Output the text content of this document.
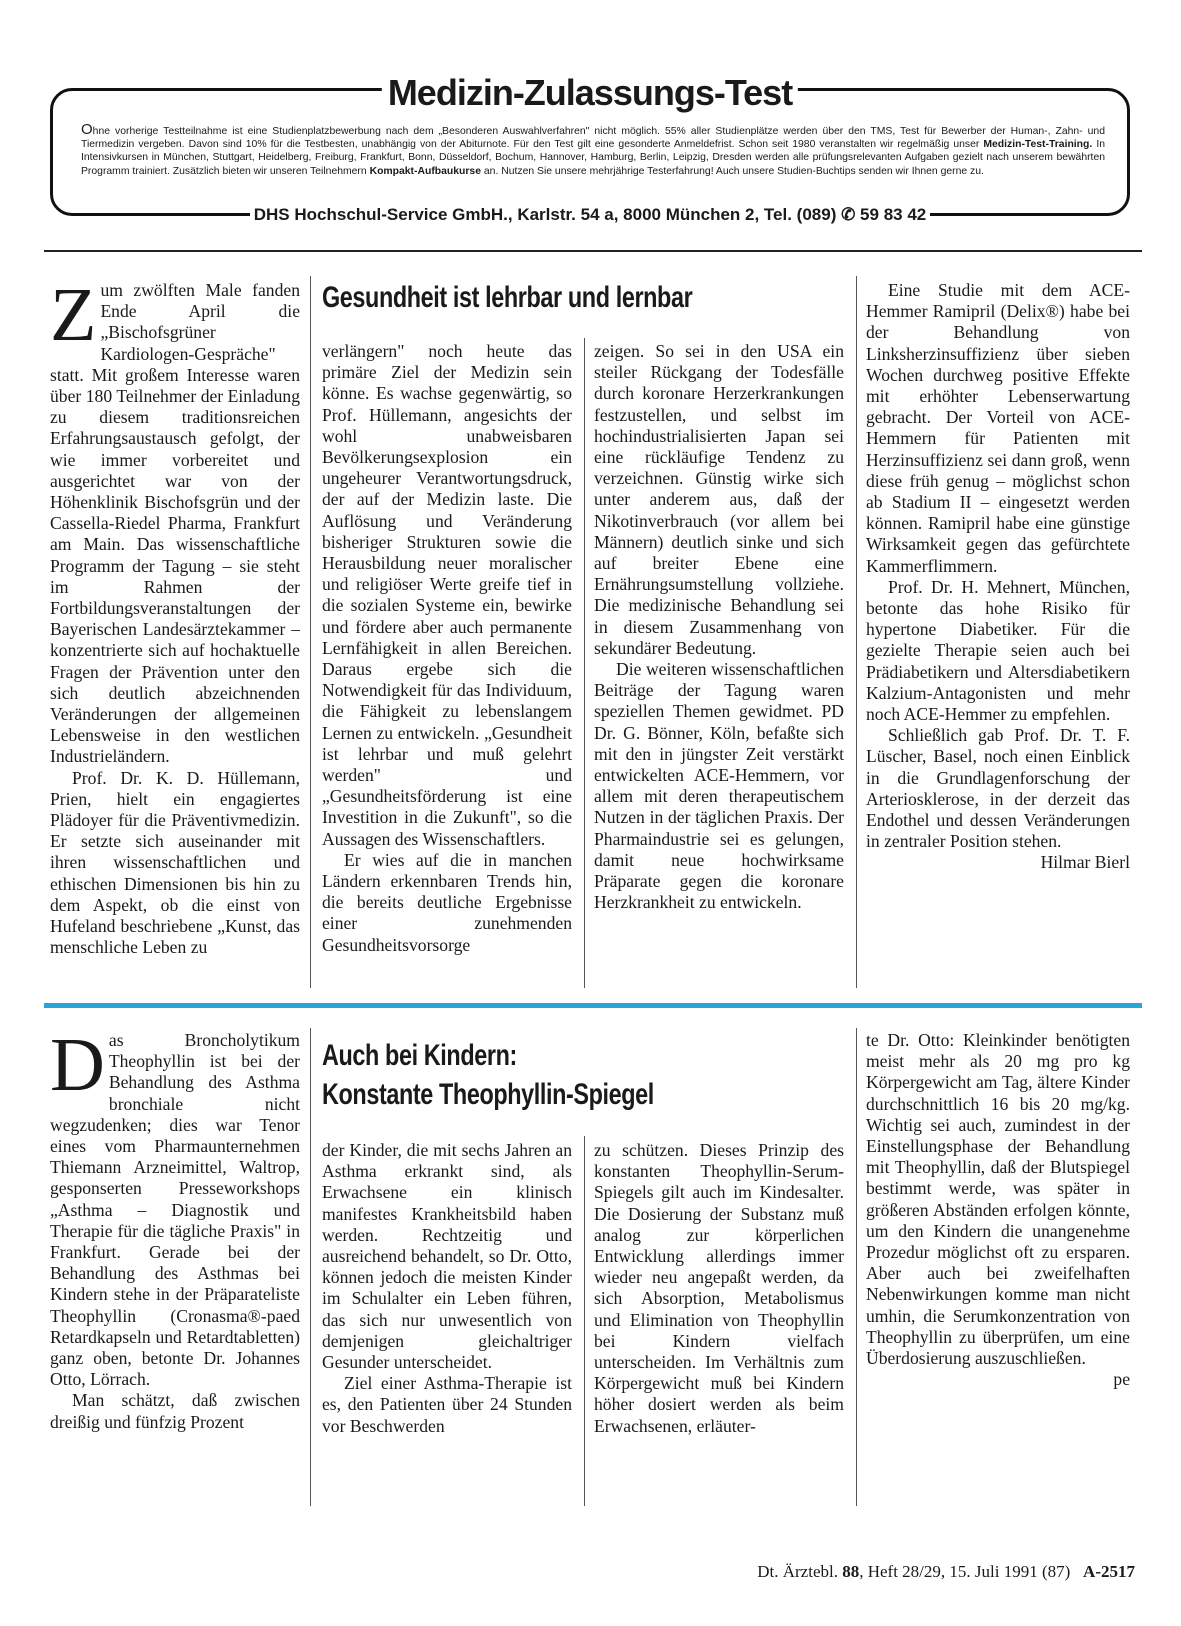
Medizin-Zulassungs-Test
Ohne vorherige Testteilnahme ist eine Studienplatzbewerbung nach dem „Besonderen Auswahlverfahren" nicht möglich. 55% aller Studienplätze werden über den TMS, Test für Bewerber der Human-, Zahn- und Tiermedizin vergeben. Davon sind 10% für die Testbesten, unabhängig von der Abiturnote. Für den Test gilt eine gesonderte Anmeldefrist. Schon seit 1980 veranstalten wir regelmäßig unser Medizin-Test-Training. In Intensivkursen in München, Stuttgart, Heidelberg, Freiburg, Frankfurt, Bonn, Düsseldorf, Bochum, Hannover, Hamburg, Berlin, Leipzig, Dresden werden alle prüfungsrelevanten Aufgaben gezielt nach unserem bewährten Programm trainiert. Zusätzlich bieten wir unseren Teilnehmern Kompakt-Aufbaukurse an. Nutzen Sie unsere mehrjährige Testerfahrung! Auch unsere Studien-Buchtips senden wir Ihnen gerne zu.
DHS Hochschul-Service GmbH., Karlstr. 54 a, 8000 München 2, Tel. (089) ✆ 59 83 42
Gesundheit ist lehrbar und lernbar

Zum zwölften Male fanden Ende April die „Bischofsgrüner Kardiologen-Gespräche" statt. Mit großem Interesse waren über 180 Teilnehmer der Einladung zu diesem traditionsreichen Erfahrungsaustausch gefolgt, der wie immer vorbereitet und ausgerichtet war von der Höhenklinik Bischofsgrün und der Cassella-Riedel Pharma, Frankfurt am Main. Das wissenschaftliche Programm der Tagung – sie steht im Rahmen der Fortbildungsveranstaltungen der Bayerischen Landesärztekammer – konzentrierte sich auf hochaktuelle Fragen der Prävention unter den sich deutlich abzeichnenden Veränderungen der allgemeinen Lebensweise in den westlichen Industrieländern.

Prof. Dr. K. D. Hüllemann, Prien, hielt ein engagiertes Plädoyer für die Präventivmedizin. Er setzte sich auseinander mit ihren wissenschaftlichen und ethischen Dimensionen bis hin zu dem Aspekt, ob die einst von Hufeland beschriebene „Kunst, das menschliche Leben zu

verlängern" noch heute das primäre Ziel der Medizin sein könne. Es wachse gegenwärtig, so Prof. Hüllemann, angesichts der wohl unabweisbaren Bevölkerungsexplosion ein ungeheurer Verantwortungsdruck, der auf der Medizin laste. Die Auflösung und Veränderung bisheriger Strukturen sowie die Herausbildung neuer moralischer und religiöser Werte greife tief in die sozialen Systeme ein, bewirke und fördere aber auch permanente Lernfähigkeit in allen Bereichen. Daraus ergebe sich die Notwendigkeit für das Individuum, die Fähigkeit zu lebenslangem Lernen zu entwickeln. „Gesundheit ist lehrbar und muß gelehrt werden" und „Gesundheitsförderung ist eine Investition in die Zukunft", so die Aussagen des Wissenschaftlers.

Er wies auf die in manchen Ländern erkennbaren Trends hin, die bereits deutliche Ergebnisse einer zunehmenden Gesundheitsvorsorge

zeigen. So sei in den USA ein steiler Rückgang der Todesfälle durch koronare Herzerkrankungen festzustellen, und selbst im hochindustrialisierten Japan sei eine rückläufige Tendenz zu verzeichnen. Günstig wirke sich unter anderem aus, daß der Nikotinverbrauch (vor allem bei Männern) deutlich sinke und sich auf breiter Ebene eine Ernährungsumstellung vollziehe. Die medizinische Behandlung sei in diesem Zusammenhang von sekundärer Bedeutung.

Die weiteren wissenschaftlichen Beiträge der Tagung waren speziellen Themen gewidmet. PD Dr. G. Bönner, Köln, befaßte sich mit den in jüngster Zeit verstärkt entwickelten ACE-Hemmern, vor allem mit deren therapeutischem Nutzen in der täglichen Praxis. Der Pharmaindustrie sei es gelungen, damit neue hochwirksame Präparate gegen die koronare Herzkrankheit zu entwickeln.

Eine Studie mit dem ACE-Hemmer Ramipril (Delix®) habe bei der Behandlung von Linksherzinsuffizienz über sieben Wochen durchweg positive Effekte mit erhöhter Lebenserwartung gebracht. Der Vorteil von ACE-Hemmern für Patienten mit Herzinsuffizienz sei dann groß, wenn diese früh genug – möglichst schon ab Stadium II – eingesetzt werden können. Ramipril habe eine günstige Wirksamkeit gegen das gefürchtete Kammerflimmern.

Prof. Dr. H. Mehnert, München, betonte das hohe Risiko für hypertone Diabetiker. Für die gezielte Therapie seien auch bei Prädiabetikern und Altersdiabetikern Kalzium-Antagonisten und mehr noch ACE-Hemmer zu empfehlen.

Schließlich gab Prof. Dr. T. F. Lüscher, Basel, noch einen Einblick in die Grundlagenforschung der Arteriosklerose, in der derzeit das Endothel und dessen Veränderungen in zentraler Position stehen.

Hilmar Bierl

Auch bei Kindern:
Konstante Theophyllin-Spiegel

Das Broncholytikum Theophyllin ist bei der Behandlung des Asthma bronchiale nicht wegzudenken; dies war Tenor eines vom Pharmaunternehmen Thiemann Arzneimittel, Waltrop, gesponserten Presseworkshops „Asthma – Diagnostik und Therapie für die tägliche Praxis" in Frankfurt. Gerade bei der Behandlung des Asthmas bei Kindern stehe in der Präparateliste Theophyllin (Cronasma®-paed Retardkapseln und Retardtabletten) ganz oben, betonte Dr. Johannes Otto, Lörrach.

Man schätzt, daß zwischen dreißig und fünfzig Prozent

der Kinder, die mit sechs Jahren an Asthma erkrankt sind, als Erwachsene ein klinisch manifestes Krankheitsbild haben werden. Rechtzeitig und ausreichend behandelt, so Dr. Otto, können jedoch die meisten Kinder im Schulalter ein Leben führen, das sich nur unwesentlich von demjenigen gleichaltriger Gesunder unterscheidet.

Ziel einer Asthma-Therapie ist es, den Patienten über 24 Stunden vor Beschwerden

zu schützen. Dieses Prinzip des konstanten Theophyllin-Serum-Spiegels gilt auch im Kindesalter. Die Dosierung der Substanz muß analog zur körperlichen Entwicklung allerdings immer wieder neu angepaßt werden, da sich Absorption, Metabolismus und Elimination von Theophyllin bei Kindern vielfach unterscheiden. Im Verhältnis zum Körpergewicht muß bei Kindern höher dosiert werden als beim Erwachsenen, erläuter-

te Dr. Otto: Kleinkinder benötigten meist mehr als 20 mg pro kg Körpergewicht am Tag, ältere Kinder durchschnittlich 16 bis 20 mg/kg. Wichtig sei auch, zumindest in der Einstellungsphase der Behandlung mit Theophyllin, daß der Blutspiegel bestimmt werde, was später in größeren Abständen erfolgen könnte, um den Kindern die unangenehme Prozedur möglichst oft zu ersparen. Aber auch bei zweifelhaften Nebenwirkungen komme man nicht umhin, die Serumkonzentration von Theophyllin zu überprüfen, um eine Überdosierung auszuschließen.

pe

Dt. Ärztebl. 88, Heft 28/29, 15. Juli 1991 (87) A-2517
